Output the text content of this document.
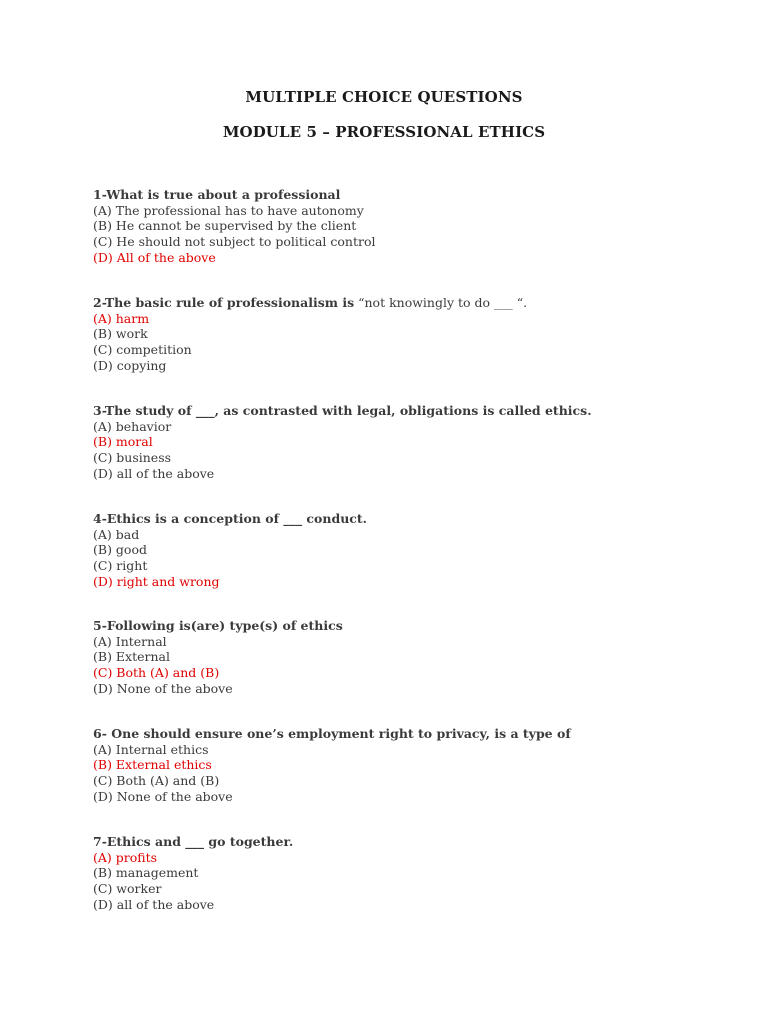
MULTIPLE CHOICE QUESTIONS
MODULE 5 – PROFESSIONAL ETHICS
1-What is true about a professional
(A) The professional has to have autonomy
(B) He cannot be supervised by the client
(C) He should not subject to political control
(D) All of the above
2-The basic rule of professionalism is “not knowingly to do ___ “.
(A) harm
(B) work
(C) competition
(D) copying
3-The study of ___, as contrasted with legal, obligations is called ethics.
(A) behavior
(B) moral
(C) business
(D) all of the above
4-Ethics is a conception of ___ conduct.
(A) bad
(B) good
(C) right
(D) right and wrong
5-Following is(are) type(s) of ethics
(A) Internal
(B) External
(C) Both (A) and (B)
(D) None of the above
6- One should ensure one’s employment right to privacy, is a type of
(A) Internal ethics
(B) External ethics
(C) Both (A) and (B)
(D) None of the above
7-Ethics and ___ go together.
(A) profits
(B) management
(C) worker
(D) all of the above
